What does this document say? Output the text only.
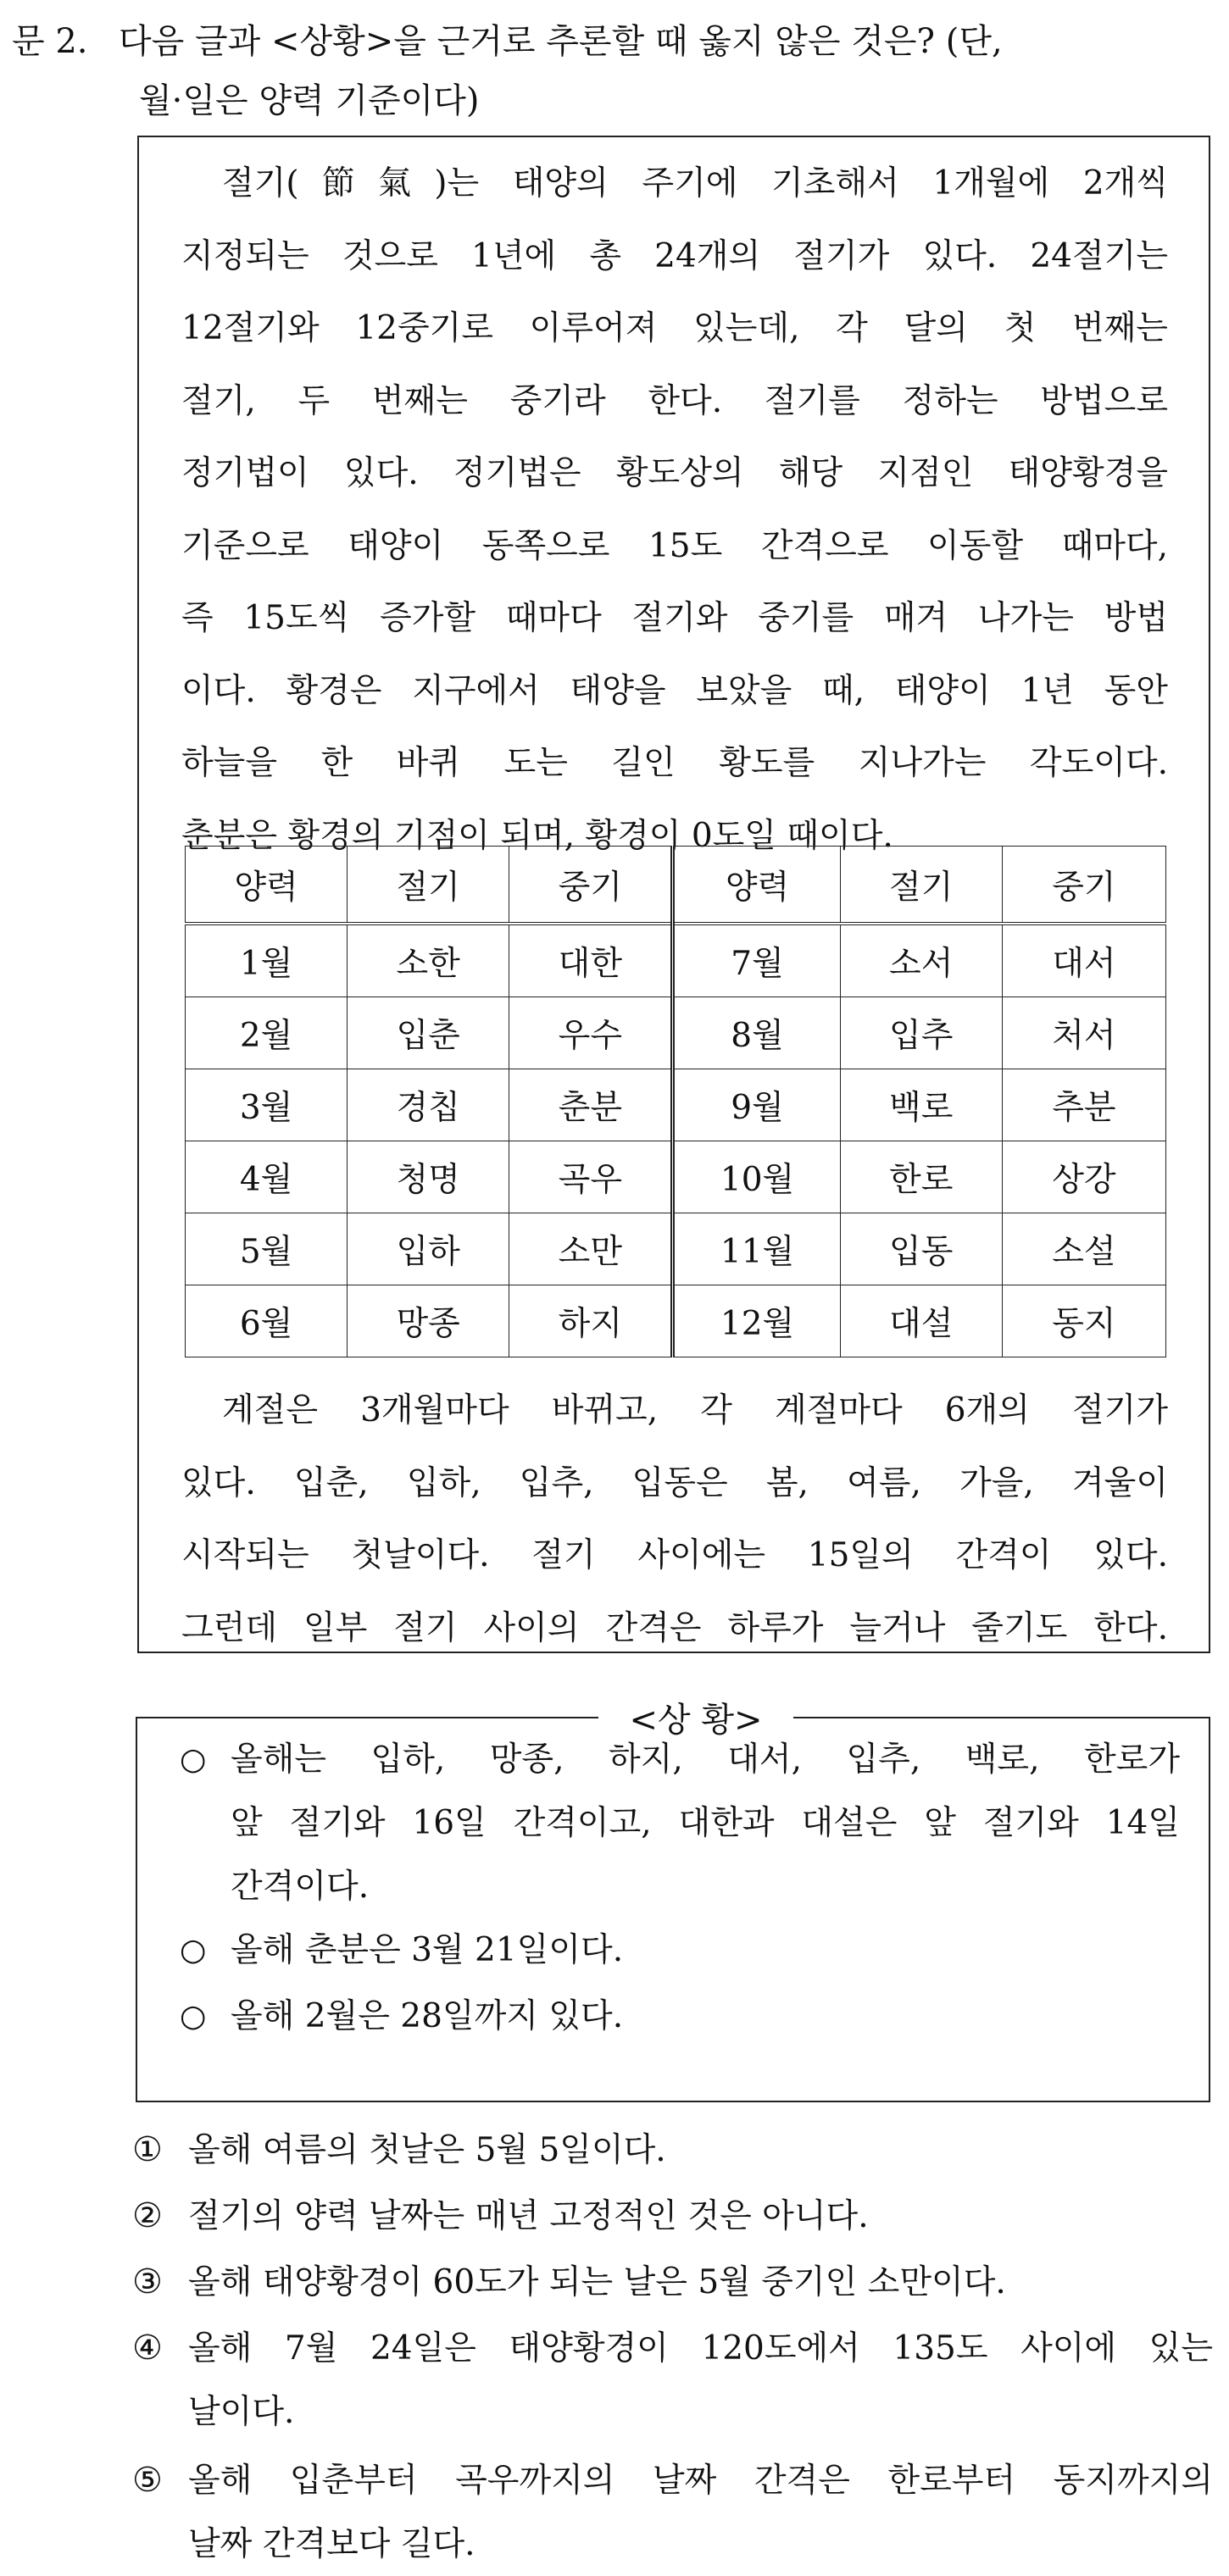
문 2. 다음 글과 <상황>을 근거로 추론할 때 옳지 않은 것은? (단,
월·일은 양력 기준이다)
절기(節氣)는 태양의 주기에 기초해서 1개월에 2개씩
지정되는 것으로 1년에 총 24개의 절기가 있다. 24절기는
12절기와 12중기로 이루어져 있는데, 각 달의 첫 번째는
절기, 두 번째는 중기라 한다. 절기를 정하는 방법으로
정기법이 있다. 정기법은 황도상의 해당 지점인 태양황경을
기준으로 태양이 동쪽으로 15도 간격으로 이동할 때마다,
즉 15도씩 증가할 때마다 절기와 중기를 매겨 나가는 방법
이다. 황경은 지구에서 태양을 보았을 때, 태양이 1년 동안
하늘을 한 바퀴 도는 길인 황도를 지나가는 각도이다.
춘분은 황경의 기점이 되며, 황경이 0도일 때이다.
양력	절기	중기	양력	절기	중기
1월	소한	대한	7월	소서	대서
2월	입춘	우수	8월	입추	처서
3월	경칩	춘분	9월	백로	추분
4월	청명	곡우	10월	한로	상강
5월	입하	소만	11월	입동	소설
6월	망종	하지	12월	대설	동지
계절은 3개월마다 바뀌고, 각 계절마다 6개의 절기가
있다. 입춘, 입하, 입추, 입동은 봄, 여름, 가을, 겨울이
시작되는 첫날이다. 절기 사이에는 15일의 간격이 있다.
그런데 일부 절기 사이의 간격은 하루가 늘거나 줄기도 한다.
<상 황>
○ 올해는 입하, 망종, 하지, 대서, 입추, 백로, 한로가
앞 절기와 16일 간격이고, 대한과 대설은 앞 절기와 14일
간격이다.
○ 올해 춘분은 3월 21일이다.
○ 올해 2월은 28일까지 있다.
① 올해 여름의 첫날은 5월 5일이다.
② 절기의 양력 날짜는 매년 고정적인 것은 아니다.
③ 올해 태양황경이 60도가 되는 날은 5월 중기인 소만이다.
④ 올해 7월 24일은 태양황경이 120도에서 135도 사이에 있는
날이다.
⑤ 올해 입춘부터 곡우까지의 날짜 간격은 한로부터 동지까지의
날짜 간격보다 길다.
